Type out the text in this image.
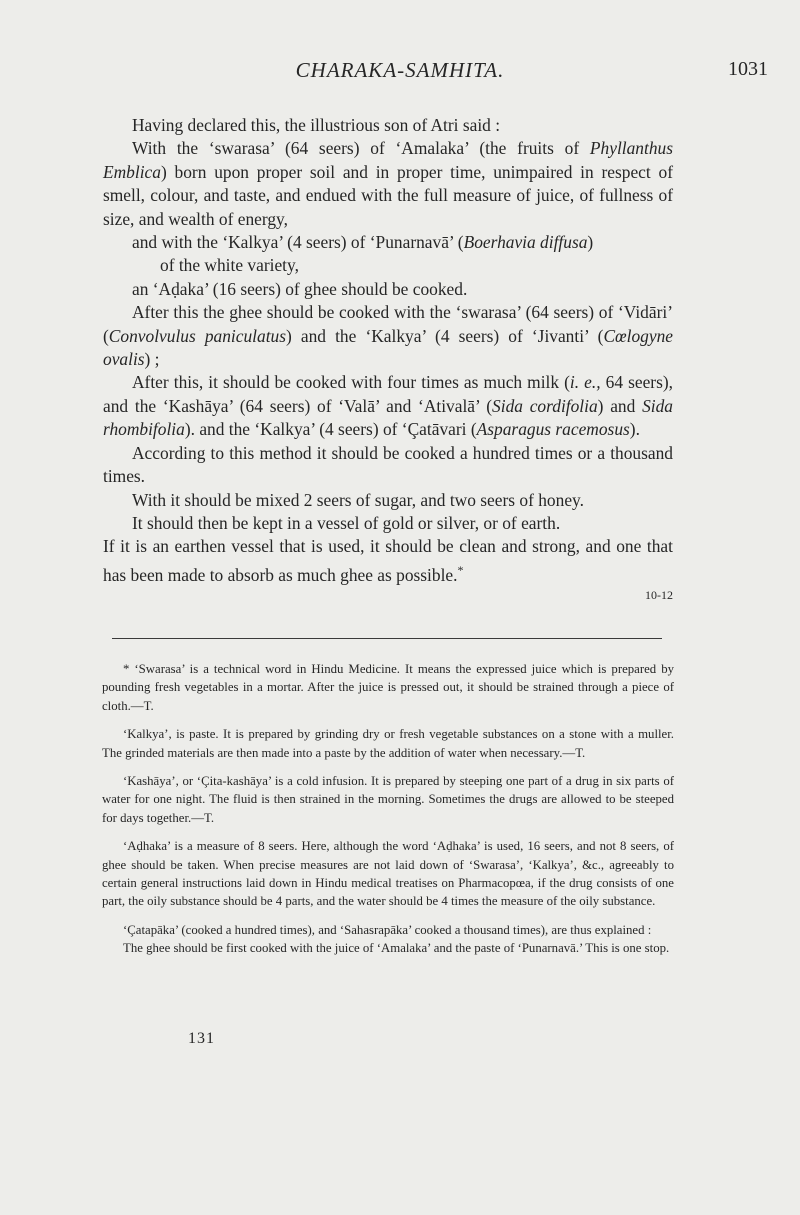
CHARAKA-SAMHITA.	1031

Having declared this, the illustrious son of Atri said :

With the ‘swarasa’ (64 seers) of ‘Amalaka’ (the fruits of Phyllanthus Emblica) born upon proper soil and in proper time, unimpaired in respect of smell, colour, and taste, and endued with the full measure of juice, of fullness of size, and wealth of energy,

and with the ‘Kalkya’ (4 seers) of ‘Punarnavā’ (Boerhavia diffusa)

of the white variety,

an ‘Aḍaka’ (16 seers) of ghee should be cooked.

After this the ghee should be cooked with the ‘swarasa’ (64 seers) of ‘Vidāri’ (Convolvulus paniculatus) and the ‘Kalkya’ (4 seers) of ‘Jivanti’ (Cœlogyne ovalis) ;

After this, it should be cooked with four times as much milk (i. e., 64 seers), and the ‘Kashāya’ (64 seers) of ‘Valā’ and ‘Ativalā’ (Sida cordifolia) and Sida rhombifolia). and the ‘Kalkya’ (4 seers) of ‘Çatāvari (Asparagus racemosus).

According to this method it should be cooked a hundred times or a thousand times.

With it should be mixed 2 seers of sugar, and two seers of honey.

It should then be kept in a vessel of gold or silver, or of earth.

If it is an earthen vessel that is used, it should be clean and strong, and one that has been made to absorb as much ghee as possible.*

10-12

* ‘Swarasa’ is a technical word in Hindu Medicine. It means the expressed juice which is prepared by pounding fresh vegetables in a mortar. After the juice is pressed out, it should be strained through a piece of cloth.—T.

‘Kalkya’, is paste. It is prepared by grinding dry or fresh vegetable substances on a stone with a muller. The grinded materials are then made into a paste by the addition of water when necessary.—T.

‘Kashāya’, or ‘Çita-kashāya’ is a cold infusion. It is prepared by steeping one part of a drug in six parts of water for one night. The fluid is then strained in the morning. Sometimes the drugs are allowed to be steeped for days together.—T.

‘Aḍhaka’ is a measure of 8 seers. Here, although the word ‘Aḍhaka’ is used, 16 seers, and not 8 seers, of ghee should be taken. When precise measures are not laid down of ‘Swarasa’, ‘Kalkya’, &c., agreeably to certain general instructions laid down in Hindu medical treatises on Pharmacopœa, if the drug consists of one part, the oily substance should be 4 parts, and the water should be 4 times the measure of the oily substance.

‘Çatapāka’ (cooked a hundred times), and ‘Sahasrapāka’ cooked a thousand times), are thus explained :

The ghee should be first cooked with the juice of ‘Amalaka’ and the paste of ‘Punarnavā.’ This is one stop.

131
